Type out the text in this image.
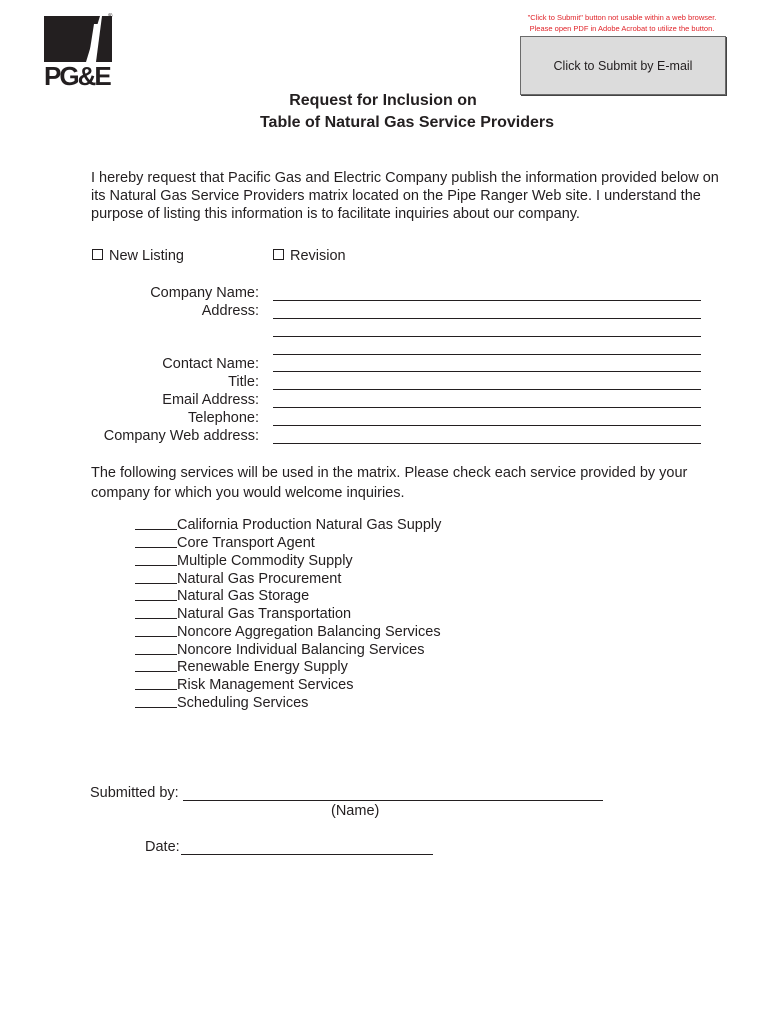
PG&E
®	"Click to Submit" button not usable within a web browser.
Please open PDF in Adobe Acrobat to utilize the button.
Click to Submit by E-mail
Request for Inclusion on
Table of Natural Gas Service Providers
I hereby request that Pacific Gas and Electric Company publish the information provided below on its Natural Gas Service Providers matrix located on the Pipe Ranger Web site. I understand the purpose of listing this information is to facilitate inquiries about our company.
New Listing	Revision
Company Name:
Address:
Contact Name:
Title:
Email Address:
Telephone:
Company Web address:
The following services will be used in the matrix. Please check each service provided by your company for which you would welcome inquiries.
California Production Natural Gas Supply
Core Transport Agent
Multiple Commodity Supply
Natural Gas Procurement
Natural Gas Storage
Natural Gas Transportation
Noncore Aggregation Balancing Services
Noncore Individual Balancing Services
Renewable Energy Supply
Risk Management Services
Scheduling Services
Submitted by:
(Name)
Date:
